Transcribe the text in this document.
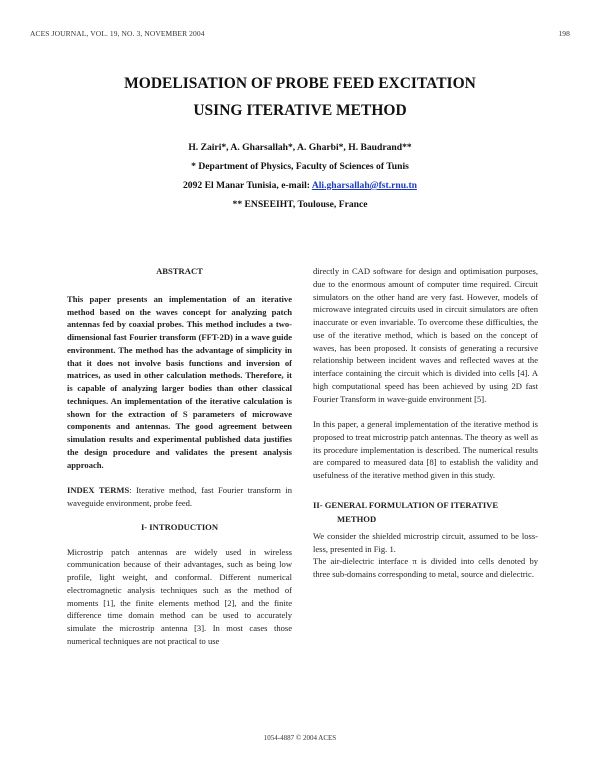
ACES JOURNAL, VOL. 19, NO. 3, NOVEMBER 2004	198
MODELISATION OF PROBE FEED EXCITATION
USING ITERATIVE METHOD
H. Zairi*, A. Gharsallah*, A. Gharbi*, H. Baudrand**
* Department of Physics, Faculty of Sciences of Tunis
2092 El Manar Tunisia, e-mail: Ali.gharsallah@fst.rnu.tn
** ENSEEIHT, Toulouse, France
ABSTRACT

This paper presents an implementation of an iterative method based on the waves concept for analyzing patch antennas fed by coaxial probes. This method includes a two-dimensional fast Fourier transform (FFT-2D) in a wave guide environment. The method has the advantage of simplicity in that it does not involve basis functions and inversion of matrices, as used in other calculation methods. Therefore, it is capable of analyzing larger bodies than other classical techniques. An implementation of the iterative calculation is shown for the extraction of S parameters of microwave components and antennas. The good agreement between simulation results and experimental published data justifies the design procedure and validates the present analysis approach.

INDEX TERMS: Iterative method, fast Fourier transform in waveguide environment, probe feed.

I- INTRODUCTION

Microstrip patch antennas are widely used in wireless communication because of their advantages, such as being low profile, light weight, and conformal. Different numerical electromagnetic analysis techniques such as the method of moments [1], the finite elements method [2], and the finite difference time domain method can be used to accurately simulate the microstrip antenna [3]. In most cases those numerical techniques are not practical to use

directly in CAD software for design and optimisation purposes, due to the enormous amount of computer time required. Circuit simulators on the other hand are very fast. However, models of microwave integrated circuits used in circuit simulators are often inaccurate or even invariable. To overcome these difficulties, the use of the iterative method, which is based on the concept of waves, has been proposed. It consists of generating a recursive relationship between incident waves and reflected waves at the interface containing the circuit which is divided into cells [4]. A high computational speed has been achieved by using 2D fast Fourier Transform in wave-guide environment [5].

In this paper, a general implementation of the iterative method is proposed to treat microstrip patch antennas. The theory as well as its procedure implementation is described. The numerical results are compared to measured data [8] to establish the validity and usefulness of the iterative method given in this study.

II- GENERAL FORMULATION OF ITERATIVE
METHOD

We consider the shielded microstrip circuit, assumed to be loss-less, presented in Fig. 1.

The air-dielectric interface π is divided into cells denoted by three sub-domains corresponding to metal, source and dielectric.

1054-4887 © 2004 ACES
